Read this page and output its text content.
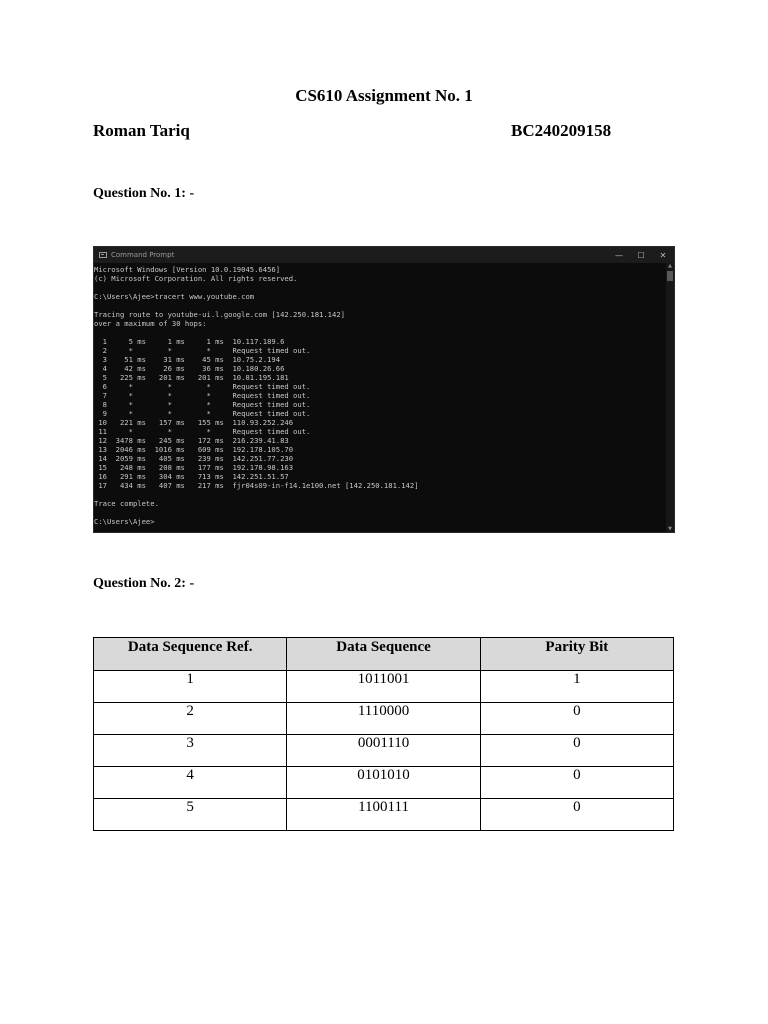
CS610 Assignment No. 1
Roman Tariq	BC240209158
Question No. 1: -
Command Prompt	—	☐	✕
Microsoft Windows [Version 10.0.19045.6456]
(c) Microsoft Corporation. All rights reserved.

C:\Users\Ajee>tracert www.youtube.com

Tracing route to youtube-ui.l.google.com [142.250.181.142]
over a maximum of 30 hops:

1     5 ms     1 ms     1 ms  10.117.189.6
2     *        *        *     Request timed out.
3    51 ms    31 ms    45 ms  10.75.2.194
4    42 ms    26 ms    36 ms  10.180.26.66
5   225 ms   201 ms   201 ms  10.81.195.181
6     *        *        *     Request timed out.
7     *        *        *     Request timed out.
8     *        *        *     Request timed out.
9     *        *        *     Request timed out.
10   221 ms   157 ms   155 ms  110.93.252.246
11     *        *        *     Request timed out.
12  3478 ms   245 ms   172 ms  216.239.41.83
13  2046 ms  1016 ms   609 ms  192.178.105.70
14  2059 ms   405 ms   239 ms  142.251.77.230
15   248 ms   208 ms   177 ms  192.178.98.163
16   291 ms   304 ms   713 ms  142.251.51.57
17   434 ms   407 ms   217 ms  fjr04s09-in-f14.1e100.net [142.250.181.142]

Trace complete.

C:\Users\Ajee>
▲
▼
Question No. 2: -
Data Sequence Ref.	Data Sequence	Parity Bit
1	1011001	1
2	1110000	0
3	0001110	0
4	0101010	0
5	1100111	0
